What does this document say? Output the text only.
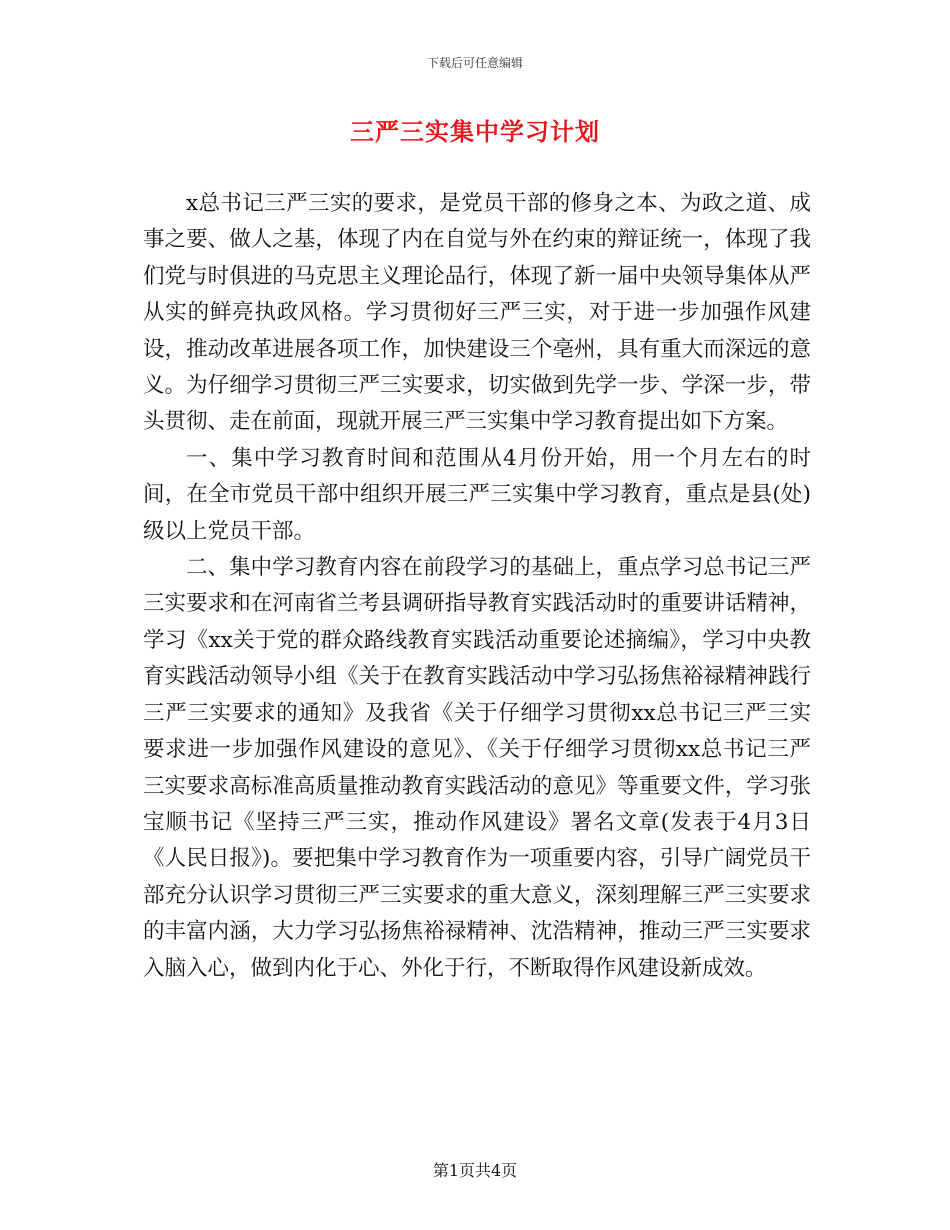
下载后可任意编辑
三严三实集中学习计划

x总书记三严三实的要求，是党员干部的修身之本、为政之道、成事之要、做人之基，体现了内在自觉与外在约束的辩证统一，体现了我们党与时俱进的马克思主义理论品行，体现了新一届中央领导集体从严从实的鲜亮执政风格。学习贯彻好三严三实，对于进一步加强作风建设，推动改革进展各项工作，加快建设三个亳州，具有重大而深远的意义。为仔细学习贯彻三严三实要求，切实做到先学一步、学深一步，带头贯彻、走在前面，现就开展三严三实集中学习教育提出如下方案。

一、集中学习教育时间和范围从4月份开始，用一个月左右的时间，在全市党员干部中组织开展三严三实集中学习教育，重点是县(处)级以上党员干部。

二、集中学习教育内容在前段学习的基础上，重点学习总书记三严三实要求和在河南省兰考县调研指导教育实践活动时的重要讲话精神，学习《xx关于党的群众路线教育实践活动重要论述摘编》，学习中央教育实践活动领导小组《关于在教育实践活动中学习弘扬焦裕禄精神践行三严三实要求的通知》及我省《关于仔细学习贯彻xx总书记三严三实要求进一步加强作风建设的意见》、《关于仔细学习贯彻xx总书记三严三实要求高标准高质量推动教育实践活动的意见》等重要文件，学习张宝顺书记《坚持三严三实，推动作风建设》署名文章(发表于4月3日《人民日报》)。要把集中学习教育作为一项重要内容，引导广阔党员干部充分认识学习贯彻三严三实要求的重大意义，深刻理解三严三实要求的丰富内涵，大力学习弘扬焦裕禄精神、沈浩精神，推动三严三实要求入脑入心，做到内化于心、外化于行，不断取得作风建设新成效。

第1页共4页
